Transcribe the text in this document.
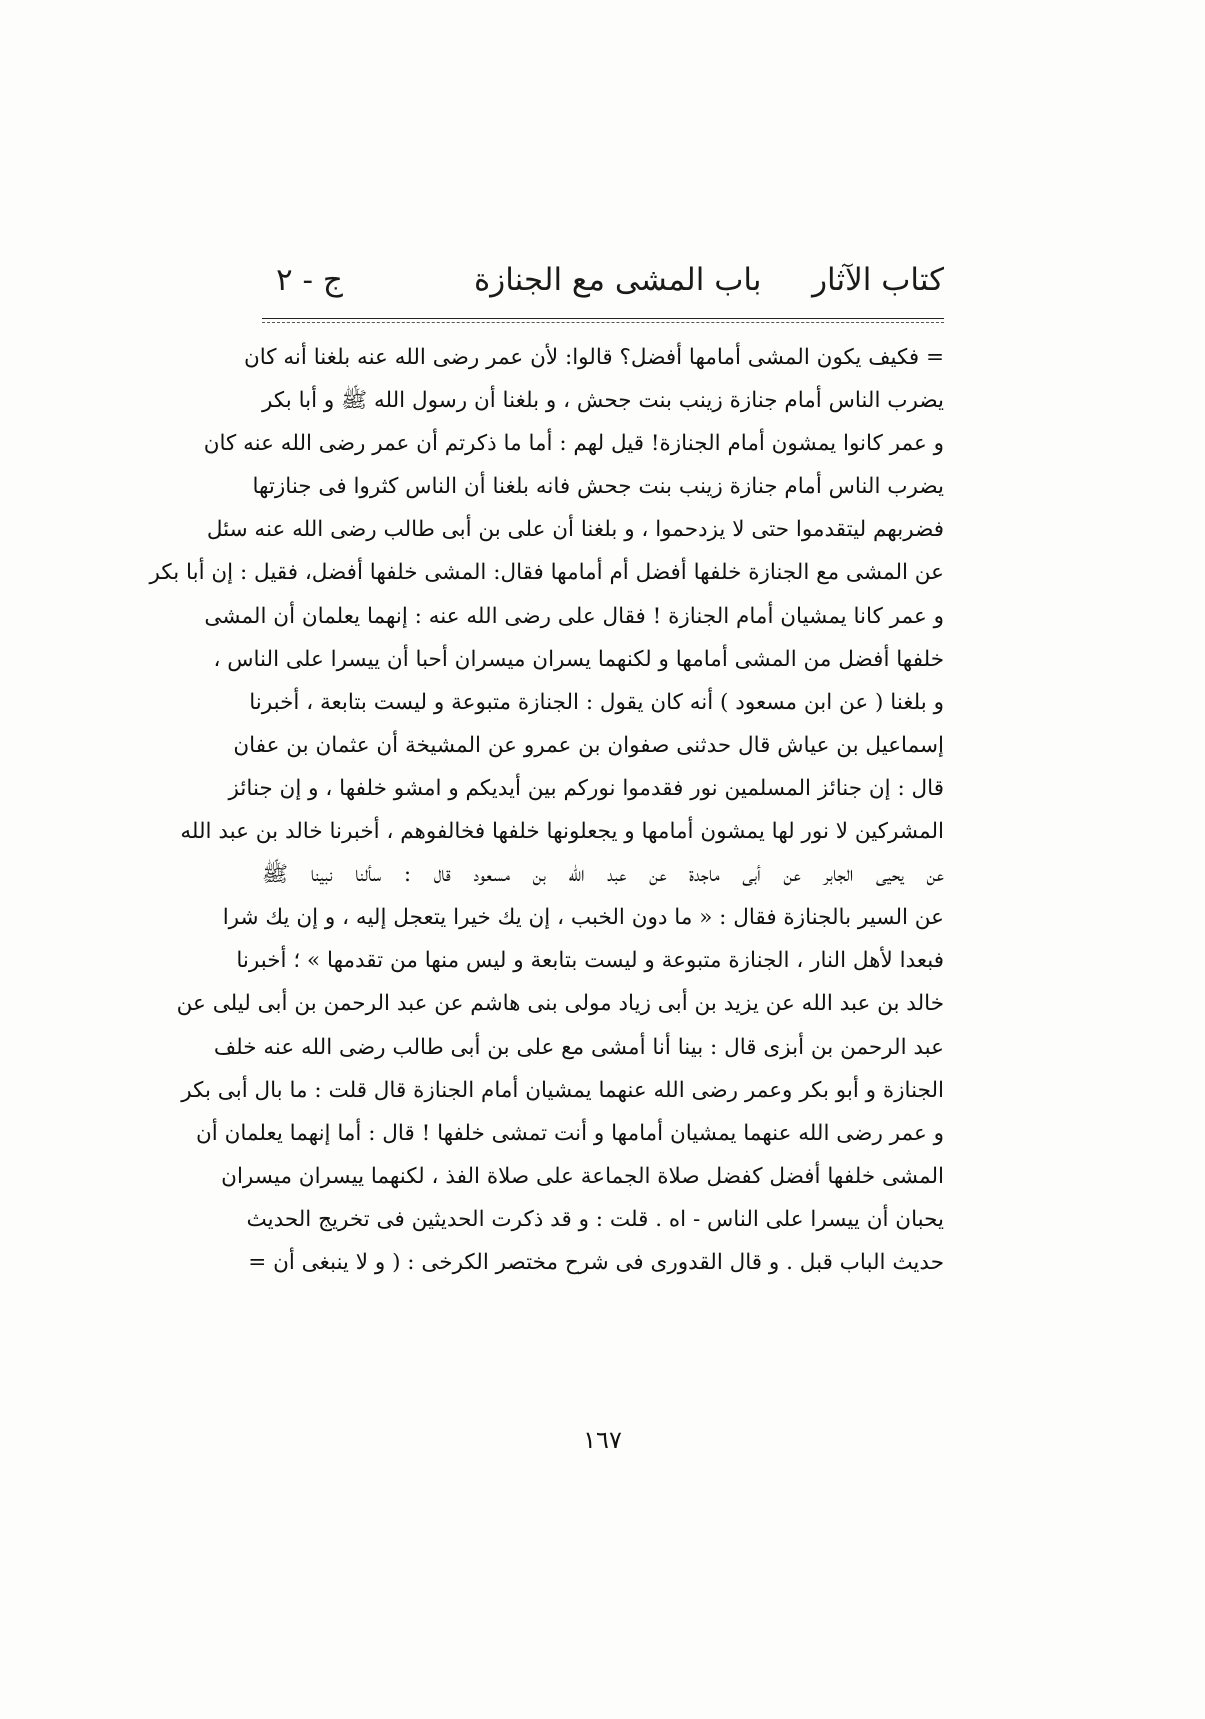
كتاب الآثار
باب المشى مع الجنازة
ج - ٢
= فكيف يكون المشى أمامها أفضل؟ قالوا: لأن عمر رضى الله عنه بلغنا أنه كان
يضرب الناس أمام جنازة زينب بنت جحش ، و بلغنا أن رسول الله ﷺ و أبا بكر
و عمر كانوا يمشون أمام الجنازة! قيل لهم : أما ما ذكرتم أن عمر رضى الله عنه كان
يضرب الناس أمام جنازة زينب بنت جحش فانه بلغنا أن الناس كثروا فى جنازتها
فضربهم ليتقدموا حتى لا يزدحموا ، و بلغنا أن على بن أبى طالب رضى الله عنه سئل
عن المشى مع الجنازة خلفها أفضل أم أمامها فقال: المشى خلفها أفضل، فقيل : إن أبا بكر
و عمر كانا يمشيان أمام الجنازة ! فقال على رضى الله عنه : إنهما يعلمان أن المشى
خلفها أفضل من المشى أمامها و لكنهما يسران ميسران أحبا أن ييسرا على الناس ،
و بلغنا ( عن ابن مسعود ) أنه كان يقول : الجنازة متبوعة و ليست بتابعة ، أخبرنا
إسماعيل بن عياش قال حدثنى صفوان بن عمرو عن المشيخة أن عثمان بن عفان
قال : إن جنائز المسلمين نور فقدموا نوركم بين أيديكم و امشو خلفها ، و إن جنائز
المشركين لا نور لها يمشون أمامها و يجعلونها خلفها فخالفوهم ، أخبرنا خالد بن عبد الله
عن يحيى الجابر عن أبى ماجدة عن عبد الله بن مسعود قال : سألنا نبينا ﷺ
عن السير بالجنازة فقال : « ما دون الخبب ، إن يك خيرا يتعجل إليه ، و إن يك شرا
فبعدا لأهل النار ، الجنازة متبوعة و ليست بتابعة و ليس منها من تقدمها » ؛ أخبرنا
خالد بن عبد الله عن يزيد بن أبى زياد مولى بنى هاشم عن عبد الرحمن بن أبى ليلى عن
عبد الرحمن بن أبزى قال : بينا أنا أمشى مع على بن أبى طالب رضى الله عنه خلف
الجنازة و أبو بكر وعمر رضى الله عنهما يمشيان أمام الجنازة قال قلت : ما بال أبى بكر
و عمر رضى الله عنهما يمشيان أمامها و أنت تمشى خلفها ! قال : أما إنهما يعلمان أن
المشى خلفها أفضل كفضل صلاة الجماعة على صلاة الفذ ، لكنهما ييسران ميسران
يحبان أن ييسرا على الناس - اه . قلت : و قد ذكرت الحديثين فى تخريج الحديث
حديث الباب قبل . و قال القدورى فى شرح مختصر الكرخى : ( و لا ينبغى أن =
١٦٧
